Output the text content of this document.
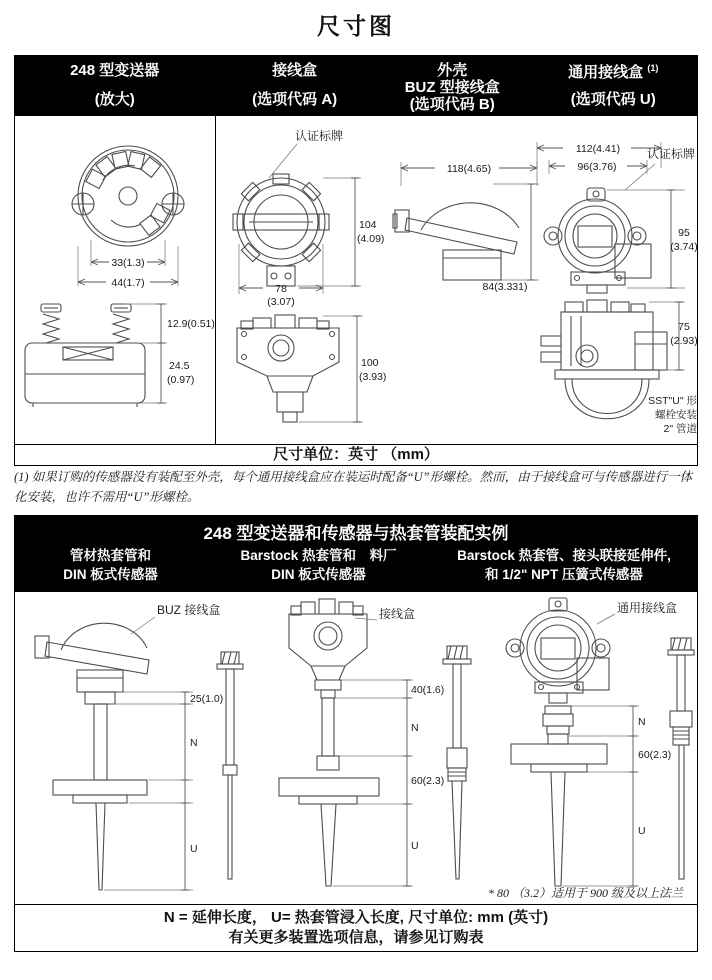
尺寸图
248 型变送器
(放大)
接线盒
(选项代码 A)
外壳
BUZ 型接线盒
(选项代码 B)
通用接线盒 $^{(1)}$
(选项代码 U)
33(1.3)
44(1.7)
12.9(0.51)
24.5
(0.97)
认证标牌
104
(4.09)
78
(3.07)
100
(3.93)
118(4.65)
84(3.331)
112(4.41)
96(3.76)
认证标牌
95
(3.74)
75
(2.93)
SST"U" 形
螺栓安装
2" 管道
尺寸单位：英寸 （mm）
(1) 如果订购的传感器没有装配至外壳，每个通用接线盒应在装运时配备“U”形螺栓。然而，由于接线盒可与传感器进行一体化安装，也许不需用“U”形螺栓。
248 型变送器和传感器与热套管装配实例
管材热套管和
DIN 板式传感器
Barstock 热套管和　料厂
DIN 板式传感器
Barstock 热套管、接头联接延伸件,
和 1/2" NPT 压簧式传感器
BUZ 接线盒
25(1.0)
N
U
接线盒
40(1.6)
N
60(2.3)
U
通用接线盒
N
60(2.3)
U
* 80 （3.2）适用于 900 级及以上法兰
N = 延伸长度， U= 热套管浸入长度, 尺寸单位: mm (英寸)
有关更多装置选项信息，请参见订购表
